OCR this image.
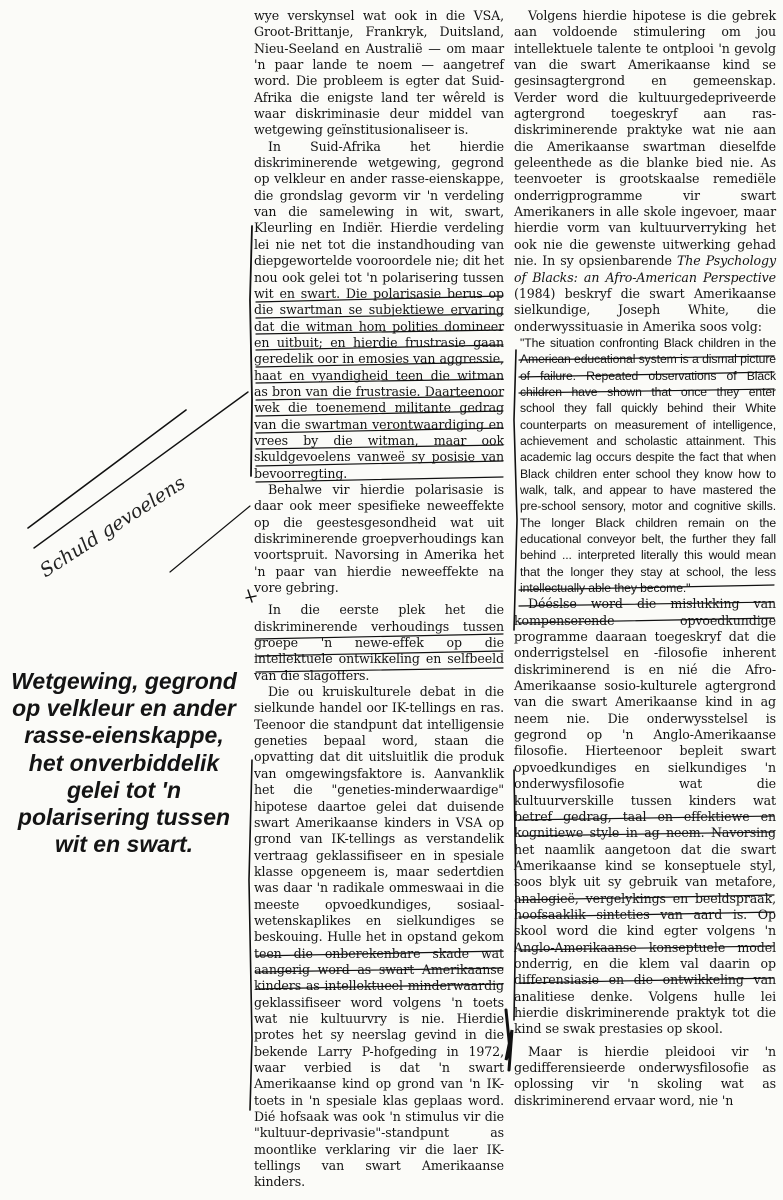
wye verskynsel wat ook in die VSA, Groot-Brittanje, Frankryk, Duitsland, Nieu-Seeland en Australië — om maar 'n paar lande te noem — aangetref word. Die probleem is egter dat Suid-Afrika die enigste land ter wêreld is waar diskriminasie deur middel van wetgewing geïnstitusionaliseer is.

In Suid-Afrika het hierdie diskriminerende wetgewing, gegrond op velkleur en ander rasse-eienskappe, die grondslag gevorm vir 'n verdeling van die samelewing in wit, swart, Kleurling en Indiër. Hierdie verdeling lei nie net tot die instandhouding van diepgewortelde vooroordele nie; dit het nou ook gelei tot 'n polarisering tussen wit en swart. Die polarisasie berus op die swartman se subjektiewe ervaring dat die witman hom polities domineer en uitbuit; en hierdie frustrasie gaan geredelik oor in emosies van aggressie, haat en vyandigheid teen die witman as bron van die frustrasie. Daarteenoor wek die toenemend militante gedrag van die swartman verontwaardiging en vrees by die witman, maar ook skuldgevoelens vanweë sy posisie van bevoorregting.

Behalwe vir hierdie polarisasie is daar ook meer spesifieke neweeffekte op die geestesgesondheid wat uit diskriminerende groepverhoudings kan voortspruit. Navorsing in Amerika het 'n paar van hierdie neweeffekte na vore gebring.

In die eerste plek het die diskriminerende verhoudings tussen groepe 'n newe-effek op die intellektuele ontwikkeling en selfbeeld van die slagoffers.

Die ou kruiskulturele debat in die sielkunde handel oor IK-tellings en ras. Teenoor die standpunt dat intelligensie geneties bepaal word, staan die opvatting dat dit uitsluitlik die produk van omgewingsfaktore is. Aanvanklik het die "geneties-minderwaardige" hipotese daartoe gelei dat duisende swart Amerikaanse kinders in VSA op grond van IK-tellings as verstandelik vertraag geklassifiseer en in spesiale klasse opgeneem is, maar sedertdien was daar 'n radikale ommeswaai in die meeste opvoedkundiges, sosiaal-wetenskaplikes en sielkundiges se beskouing. Hulle het in opstand gekom teen die onberekenbare skade wat aangerig word as swart Amerikaanse kinders as intellektueel minderwaardig geklassifiseer word volgens 'n toets wat nie kultuurvry is nie. Hierdie protes het sy neerslag gevind in die bekende Larry P-hofgeding in 1972, waar verbied is dat 'n swart Amerikaanse kind op grond van 'n IK-toets in 'n spesiale klas geplaas word. Dié hofsaak was ook 'n stimulus vir die "kultuur-deprivasie"-standpunt as moontlike verklaring vir die laer IK-tellings van swart Amerikaanse kinders.

Volgens hierdie hipotese is die gebrek aan voldoende stimulering om jou intellektuele talente te ontplooi 'n gevolg van die swart Amerikaanse kind se gesinsagtergrond en gemeenskap. Verder word die kultuurgedepriveerde agtergrond toegeskryf aan ras-diskriminerende praktyke wat nie aan die Amerikaanse swartman dieselfde geleenthede as die blanke bied nie. As teenvoeter is grootskaalse remediële onderrigprogramme vir swart Amerikaners in alle skole ingevoer, maar hierdie vorm van kultuurverryking het ook nie die gewenste uitwerking gehad nie. In sy opsienbarende The Psychology of Blacks: an Afro-American Perspective (1984) beskryf die swart Amerikaanse sielkundige, Joseph White, die onderwyssituasie in Amerika soos volg:

"The situation confronting Black children in the American educational system is a dismal picture of failure. Repeated observations of Black children have shown that once they enter school they fall quickly behind their White counterparts on measurement of intelligence, achievement and scholastic attainment. This academic lag occurs despite the fact that when Black children enter school they know how to walk, talk, and appear to have mastered the pre-school sensory, motor and cognitive skills. The longer Black children remain on the educational conveyor belt, the further they fall behind ... interpreted literally this would mean that the longer they stay at school, the less intellectually able they become."

Dééslse word die mislukking van kompenserende opvoedkundige programme daaraan toegeskryf dat die onderrigstelsel en -filosofie inherent diskriminerend is en nié die Afro-Amerikaanse sosio-kulturele agtergrond van die swart Amerikaanse kind in ag neem nie. Die onderwysstelsel is gegrond op 'n Anglo-Amerikaanse filosofie. Hierteenoor bepleit swart opvoedkundiges en sielkundiges 'n onderwysfilosofie wat die kultuurverskille tussen kinders wat betref gedrag, taal en effektiewe en kognitiewe style in ag neem. Navorsing het naamlik aangetoon dat die swart Amerikaanse kind se konseptuele styl, soos blyk uit sy gebruik van metafore, analogieë, vergelykings en beeldspraak, hoofsaaklik sinteties van aard is. Op skool word die kind egter volgens 'n Anglo-Amerikaanse konseptuele model onderrig, en die klem val daarin op differensiasie en die ontwikkeling van analitiese denke. Volgens hulle lei hierdie diskriminerende praktyk tot die kind se swak prestasies op skool.

Maar is hierdie pleidooi vir 'n gedifferensieerde onderwysfilosofie as oplossing vir 'n skoling wat as diskriminerend ervaar word, nie 'n

Wetgewing, gegrond op velkleur en ander rasse-eienskappe, het onverbiddelik gelei tot 'n polarisering tussen wit en swart.
Schuld gevoelens
